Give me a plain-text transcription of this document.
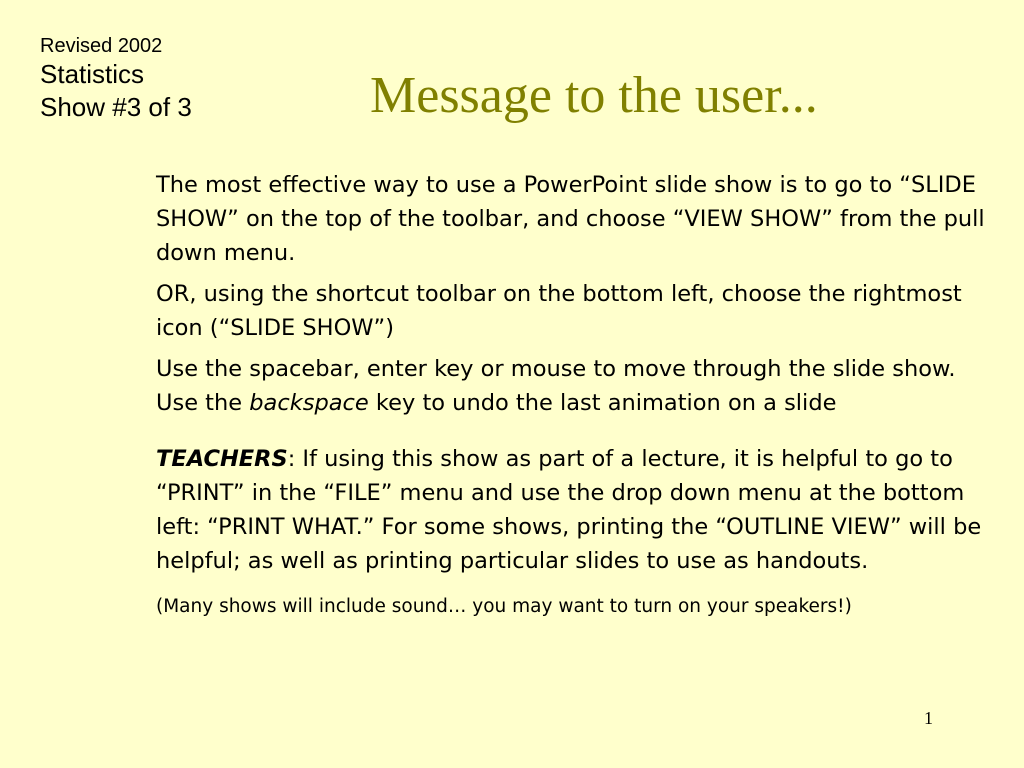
Revised 2002
Statistics
Show #3 of 3	Message to the user...

The most effective way to use a PowerPoint slide show is to go to “SLIDE SHOW” on the top of the toolbar, and choose “VIEW SHOW” from the pull down menu.

OR, using the shortcut toolbar on the bottom left, choose the rightmost icon (“SLIDE SHOW”)

Use the spacebar, enter key or mouse to move through the slide show. Use the backspace key to undo the last animation on a slide

TEACHERS: If using this show as part of a lecture, it is helpful to go to “PRINT” in the “FILE” menu and use the drop down menu at the bottom left: “PRINT WHAT.” For some shows, printing the “OUTLINE VIEW” will be helpful; as well as printing particular slides to use as handouts.

(Many shows will include sound… you may want to turn on your speakers!)

1
